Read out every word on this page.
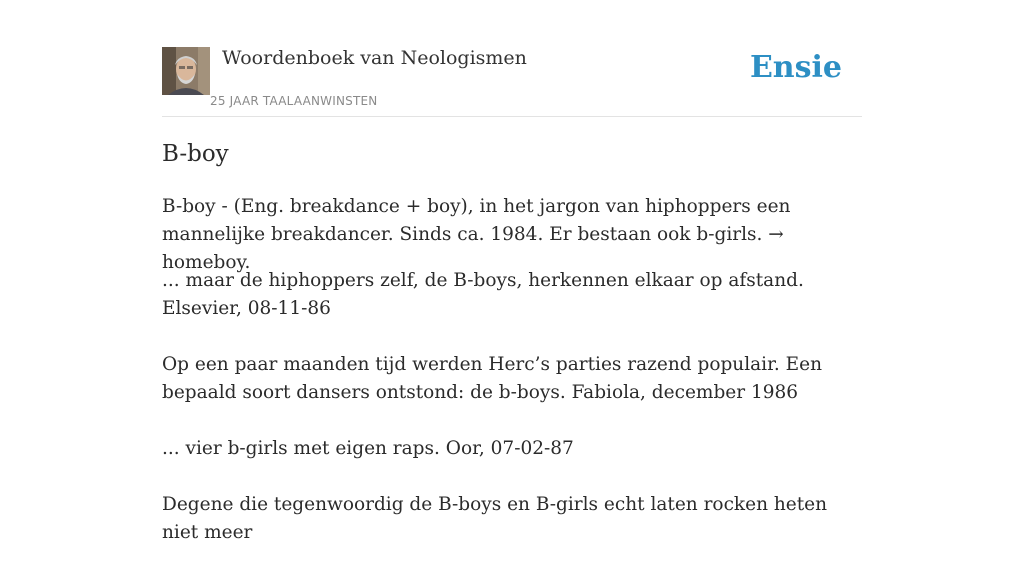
Woordenboek van Neologismen
25 JAAR TAALAANWINSTEN
Ensie
B-boy

B-boy - (Eng. breakdance + boy), in het jargon van hiphoppers een mannelijke breakdancer. Sinds ca. 1984. Er bestaan ook b-girls. → homeboy.

... maar de hiphoppers zelf, de B-boys, herkennen elkaar op afstand. Elsevier, 08-11-86

Op een paar maanden tijd werden Herc’s parties razend populair. Een bepaald soort dansers ontstond: de b-boys. Fabiola, december 1986

... vier b-girls met eigen raps. Oor, 07-02-87

Degene die tegenwoordig de B-boys en B-girls echt laten rocken heten niet meer
